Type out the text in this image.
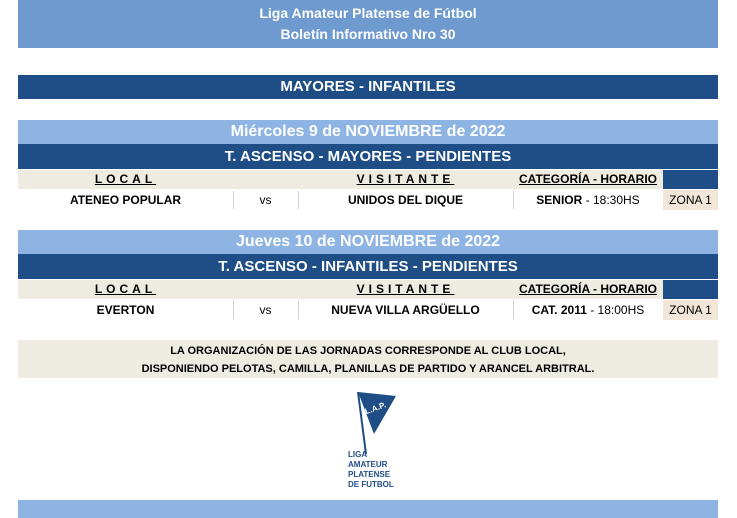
Liga Amateur Platense de Fútbol
Boletín Informativo Nro 30
MAYORES - INFANTILES
Miércoles 9 de NOVIEMBRE de 2022
T. ASCENSO - MAYORES - PENDIENTES
LOCAL	VISITANTE	CATEGORÍA - HORARIO
ATENEO POPULAR	vs	UNIDOS DEL DIQUE	SENIOR - 18:30HS	ZONA 1
Jueves 10 de NOVIEMBRE de 2022
T. ASCENSO - INFANTILES - PENDIENTES
LOCAL	VISITANTE	CATEGORÍA - HORARIO
EVERTON	vs	NUEVA VILLA ARGÜELLO	CAT. 2011 - 18:00HS	ZONA 1
LA ORGANIZACIÓN DE LAS JORNADAS CORRESPONDE AL CLUB LOCAL,
DISPONIENDO PELOTAS, CAMILLA, PLANILLAS DE PARTIDO Y ARANCEL ARBITRAL.
L.A.P.
LIGA
AMATEUR
PLATENSE
DE FUTBOL
